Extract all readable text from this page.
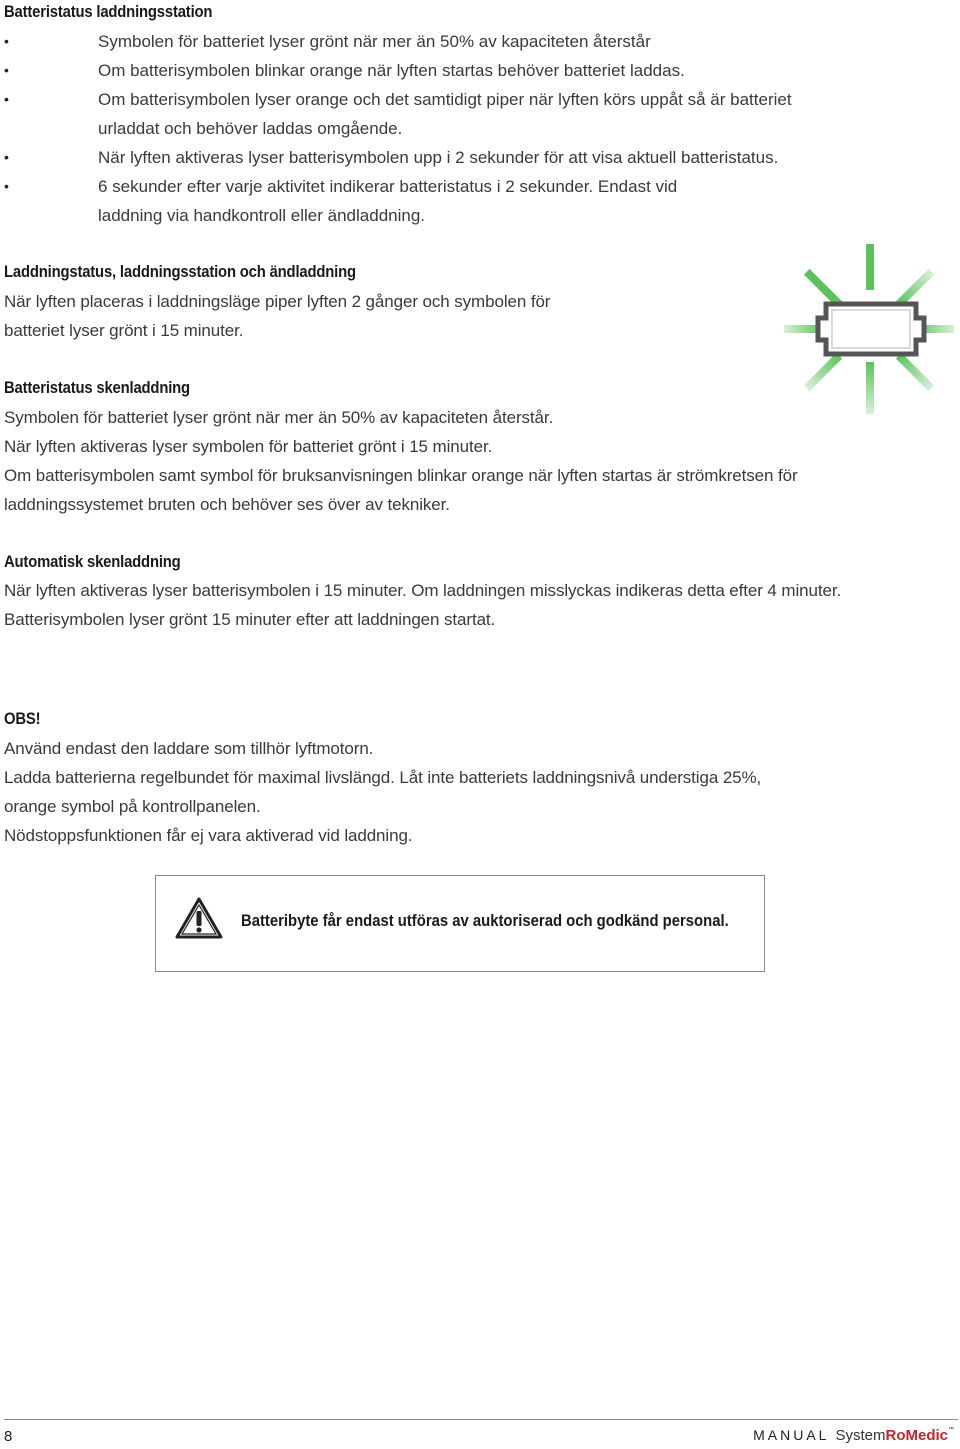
Batteristatus laddningsstation
•	Symbolen för batteriet lyser grönt när mer än 50% av kapaciteten återstår
•	Om batterisymbolen blinkar orange när lyften startas behöver batteriet laddas.
•	Om batterisymbolen lyser orange och det samtidigt piper när lyften körs uppåt så är batteriet
urladdat och behöver laddas omgående.
•	När lyften aktiveras lyser batterisymbolen upp i 2 sekunder för att visa aktuell batteristatus.
•	6 sekunder efter varje aktivitet indikerar batteristatus i 2 sekunder. Endast vid
laddning via handkontroll eller ändladdning.
Laddningstatus, laddningsstation och ändladdning
När lyften placeras i laddningsläge piper lyften 2 gånger och symbolen för
batteriet lyser grönt i 15 minuter.
Batteristatus skenladdning
Symbolen för batteriet lyser grönt när mer än 50% av kapaciteten återstår.
När lyften aktiveras lyser symbolen för batteriet grönt i 15 minuter.
Om batterisymbolen samt symbol för bruksanvisningen blinkar orange när lyften startas är strömkretsen för
laddningssystemet bruten och behöver ses över av tekniker.
Automatisk skenladdning
När lyften aktiveras lyser batterisymbolen i 15 minuter. Om laddningen misslyckas indikeras detta efter 4 minuter.
Batterisymbolen lyser grönt 15 minuter efter att laddningen startat.
OBS!
Använd endast den laddare som tillhör lyftmotorn.
Ladda batterierna regelbundet för maximal livslängd. Låt inte batteriets laddningsnivå understiga 25%,
orange symbol på kontrollpanelen.
Nödstoppsfunktionen får ej vara aktiverad vid laddning.
Batteribyte får endast utföras av auktoriserad och godkänd personal.
8	MANUAL SystemRoMedic™
